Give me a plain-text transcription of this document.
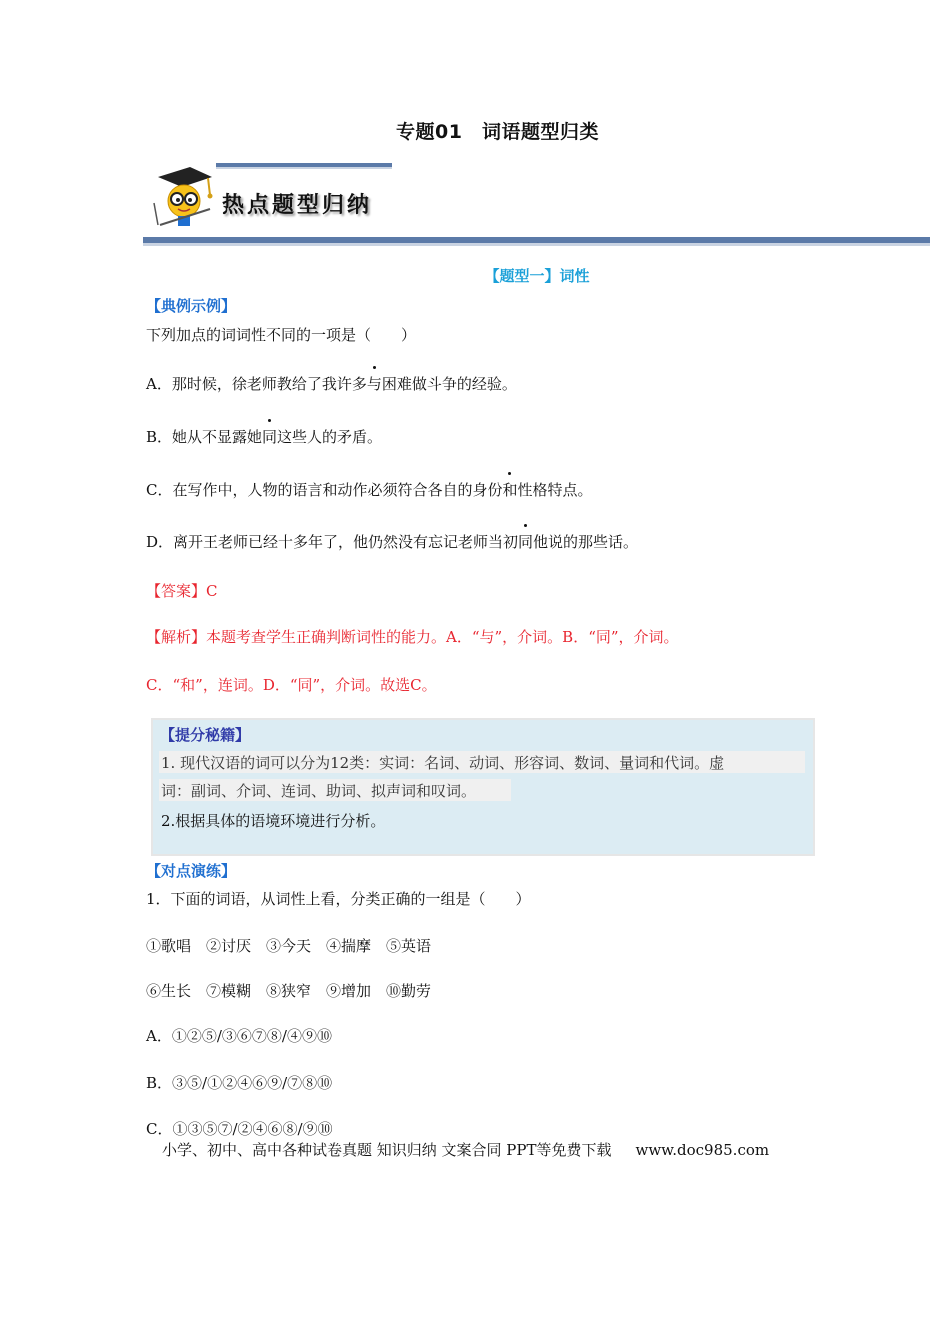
专题01　词语题型归类
热点题型归纳
【题型一】词性
【典例示例】
下列加点的词词性不同的一项是（　　）
A．那时候，徐老师教给了我许多与困难做斗争的经验。
B．她从不显露她同这些人的矛盾。
C．在写作中，人物的语言和动作必须符合各自的身份和性格特点。
D．离开王老师已经十多年了，他仍然没有忘记老师当初同他说的那些话。
【答案】C
【解析】本题考查学生正确判断词性的能力。A．“与”，介词。B．“同”，介词。
C．“和”，连词。D．“同”，介词。故选C。
【提分秘籍】
1. 现代汉语的词可以分为12类：实词：名词、动词、形容词、数词、量词和代词。虚
词：副词、介词、连词、助词、拟声词和叹词。
2.根据具体的语境环境进行分析。
【对点演练】
1．下面的词语，从词性上看，分类正确的一组是（　　）
①歌唱　②讨厌　③今天　④揣摩　⑤英语
⑥生长　⑦模糊　⑧狭窄　⑨增加　⑩勤劳
A．①②⑤/③⑥⑦⑧/④⑨⑩
B．③⑤/①②④⑥⑨/⑦⑧⑩
C．①③⑤⑦/②④⑥⑧/⑨⑩
小学、初中、高中各种试卷真题 知识归纳 文案合同 PPT等免费下载 www.doc985.com
